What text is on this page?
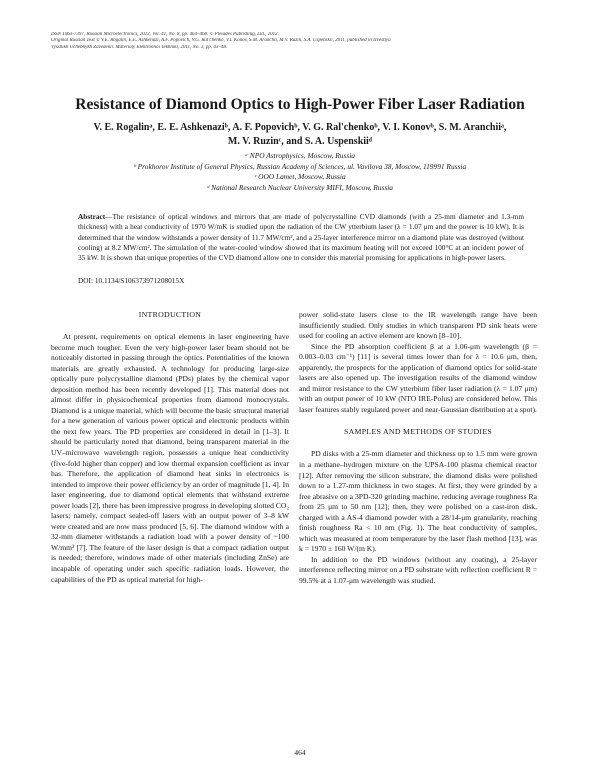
ISSN 1063-7397, Russian Microelectronics, 2012, Vol. 41, No. 8, pp. 464–468. © Pleiades Publishing, Ltd., 2012.
Original Russian Text © V.E. Rogalin, E.E. Ashkenazi, A.F. Popovich, V.G. Ral'chenko, V.I. Konov, S.M. Aranchii, M.V. Ruzin, S.A. Uspenskii, 2011, published in Izvestiya
Vysshikh Uchebnykh Zavedenii. Materialy Elektronnoi Tekhniki, 2011, No. 3, pp. 43–48.
Resistance of Diamond Optics to High-Power Fiber Laser Radiation
V. E. Rogalinᵃ, E. E. Ashkenaziᵇ, A. F. Popovichᵇ, V. G. Ral'chenkoᵇ, V. I. Konovᵇ, S. M. Aranchiiᵃ,
M. V. Ruzinᶜ, and S. A. Uspenskiiᵈ
ᵃ NPO Astrophysics, Moscow, Russia
ᵇ Prokhorov Institute of General Physics, Russian Academy of Sciences, ul. Vavilova 38, Moscow, 119991 Russia
ᶜ OOO Lamet, Moscow, Russia
ᵈ National Research Nuclear University MIFI, Moscow, Russia
Abstract—The resistance of optical windows and mirrors that are made of polycrystalline CVD diamonds (with a 25-mm diameter and 1.3-mm thickness) with a heat conductivity of 1970 W/mK is studied upon the radiation of the CW ytterbium laser (λ = 1.07 μm and the power is 10 kW). It is determined that the window withstands a power density of 11.7 MW/cm², and a 25-layer interference mirror on a diamond plate was destroyed (without cooling) at 8.2 MW/cm². The simulation of the water-cooled window showed that its maximum heating will not exceed 100°C at an incident power of 35 kW. It is shown that unique properties of the CVD diamond allow one to consider this material promising for applications in high-power lasers.
DOI: 10.1134/S106373971208015X
INTRODUCTION

At present, requirements on optical elements in laser engineering have become much tougher. Even the very high-power laser beam should not be noticeably distorted in passing through the optics. Potentialities of the known materials are greatly exhausted. A technology for producing large-size optically pure polycrystalline diamond (PDs) plates by the chemical vapor deposition method has been recently developed [1]. This material does not almost differ in physicochemical properties from diamond monocrystals. Diamond is a unique material, which will become the basic structural material for a new generation of various power optical and electronic products within the next few years. The PD properties are considered in detail in [1–3]. It should be particularly noted that diamond, being transparent material in the UV–microwave wavelength region, possesses a unique heat conductivity (five-fold higher than copper) and low thermal expansion coefficient as invar has. Therefore, the application of diamond heat sinks in electronics is intended to improve their power efficiency by an order of magnitude [1, 4]. In laser engineering, due to diamond optical elements that withstand extreme power loads [2], there has been impressive progress in developing slotted CO₂ lasers; namely, compact sealed-off lasers with an output power of 3–8 kW were created and are now mass produced [5, 6]. The diamond window with a 32-mm diameter withstands a radiation load with a power density of ~100 W/mm² [7]. The feature of the laser design is that a compact radiation output is needed; therefore, windows made of other materials (including ZnSe) are incapable of operating under such specific radiation loads. However, the capabilities of the PD as optical material for high-

power solid-state lasers close to the IR wavelength range have been insufficiently studied. Only studies in which transparent PD sink heats were used for cooling an active element are known [8–10].

Since the PD absorption coefficient β at a 1.06-μm wavelength (β = 0.003–0.03 cm⁻¹) [11] is several times lower than for λ = 10.6 μm, then, apparently, the prospects for the application of diamond optics for solid-state lasers are also opened up. The investigation results of the diamond window and mirror resistance to the CW ytterbium fiber laser radiation (λ = 1.07 μm) with an output power of 10 kW (NTO IRE-Polus) are considered below. This laser features stably regulated power and near-Gaussian distribution at a spot).

SAMPLES AND METHODS OF STUDIES

PD disks with a 25-mm diameter and thickness up to 1.5 mm were grown in a methane–hydrogen mixture on the UPSA-100 plasma chemical reactor [12]. After removing the silicon substrate, the diamond disks were polished down to a 1.27-mm thickness in two stages. At first, they were grinded by a free abrasive on a 3PD-320 grinding machine, reducing average roughness Ra from 25 μm to 50 nm [12]; then, they were polished on a cast-iron disk, charged with a AS-4 diamond powder with a 28/14-μm granularity, reaching finish roughness Ra < 10 nm (Fig. 1). The heat conductivity of samples, which was measured at room temperature by the laser flash method [13], was k = 1970 ± 160 W/(m K).

In addition to the PD windows (without any coating), a 25-layer interference reflecting mirror on a PD substrate with reflection coefficient R = 99.5% at a 1.07-μm wavelength was studied.

464
